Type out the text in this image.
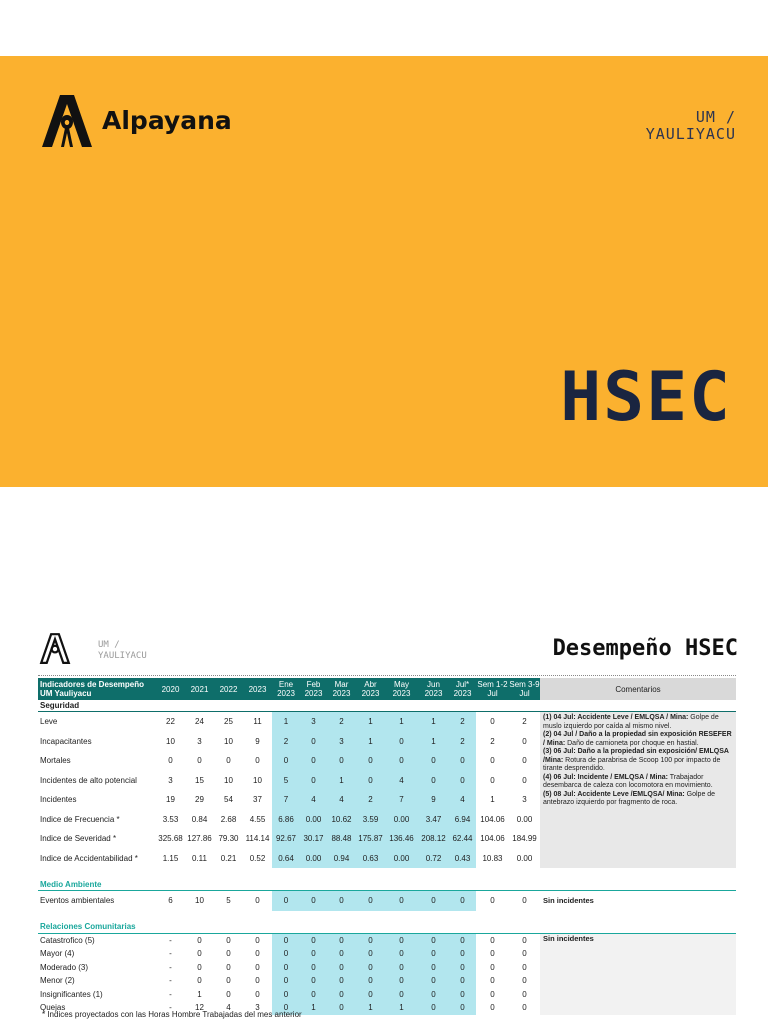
Alpayana	UM /
YAULIYACU
HSEC
UM /
YAULIYACU	Desempeño HSEC
Indicadores de Desempeño UM Yauliyacu	2020	2021	2022	2023	Ene 2023	Feb 2023	Mar 2023	Abr 2023	May 2023	Jun 2023	Jul* 2023	Sem 1-2 Jul	Sem 3-9 Jul	Comentarios
Seguridad														
Leve	22	24	25	11	1	3	2	1	1	1	2	0	2	(1) 04 Jul: Accidente Leve / EMLQSA / Mina: Golpe de muslo izquierdo por caída al mismo nivel.
(2) 04 Jul / Daño a la propiedad sin exposición RESEFER / Mina: Daño de camioneta por choque en hastial.
(3) 06 Jul: Daño a la propiedad sin exposición/ EMLQSA /Mina: Rotura de parabrisa de Scoop 100 por impacto de tirante desprendido.
(4) 06 Jul: Incidente / EMLQSA / Mina: Trabajador desembarca de caleza con locomotora en movimiento.
(5) 08 Jul: Accidente Leve /EMLQSA/ Mina: Golpe de antebrazo izquierdo por fragmento de roca.

Incapacitantes	10	3	10	9	2	0	3	1	0	1	2	2	0	
Mortales	0	0	0	0	0	0	0	0	0	0	0	0	0	
Incidentes de alto potencial	3	15	10	10	5	0	1	0	4	0	0	0	0	
Incidentes	19	29	54	37	7	4	4	2	7	9	4	1	3	
Indice de Frecuencia *	3.53	0.84	2.68	4.55	6.86	0.00	10.62	3.59	0.00	3.47	6.94	104.06	0.00	
Indice de Severidad *	325.68	127.86	79.30	114.14	92.67	30.17	88.48	175.87	136.46	208.12	62.44	104.06	184.99	
Indice de Accidentabilidad *	1.15	0.11	0.21	0.52	0.64	0.00	0.94	0.63	0.00	0.72	0.43	10.83	0.00	

Medio Ambiente														
Eventos ambientales	6	10	5	0	0	0	0	0	0	0	0	0	0	Sin incidentes

Relaciones Comunitarias														
Catastrofico (5)	-	0	0	0	0	0	0	0	0	0	0	0	0	Sin incidentes
Mayor (4)	-	0	0	0	0	0	0	0	0	0	0	0	0	
Moderado (3)	-	0	0	0	0	0	0	0	0	0	0	0	0	
Menor (2)	-	0	0	0	0	0	0	0	0	0	0	0	0	
Insignificantes (1)	-	1	0	0	0	0	0	0	0	0	0	0	0	
Quejas	-	12	4	3	0	1	0	1	1	0	0	0	0	
* Indices proyectados con las Horas Hombre Trabajadas del mes anterior
